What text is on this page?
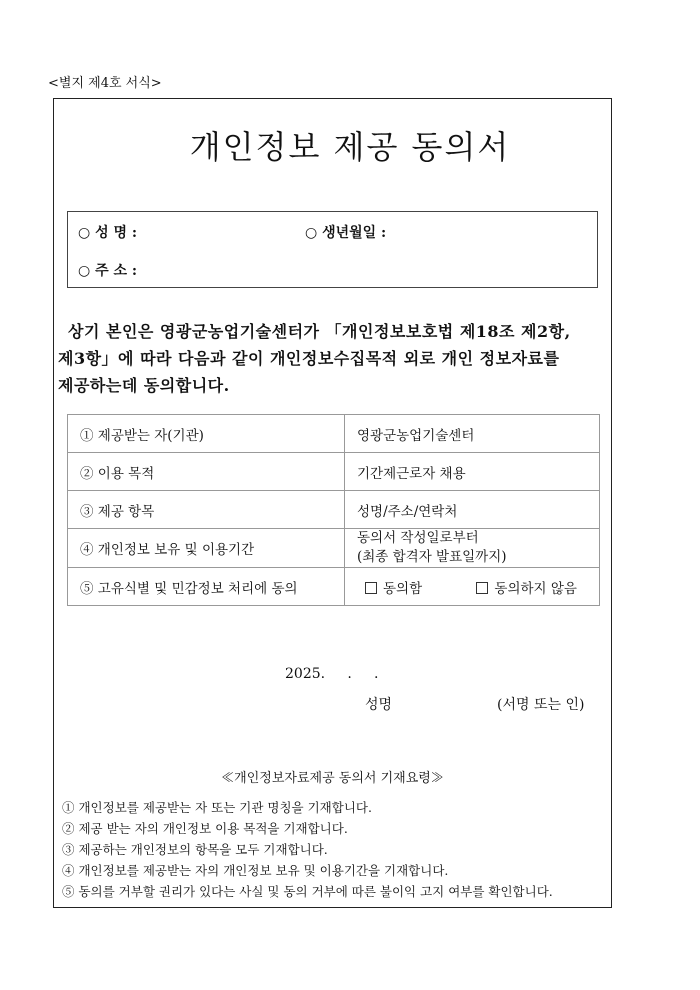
<별지 제4호 서식>
개인정보 제공 동의서
○ 성 명 :	○ 생년월일 :
○ 주 소 :
상기 본인은 영광군농업기술센터가 「개인정보보호법 제18조 제2항,
제3항」에 따라 다음과 같이 개인정보수집목적 외로 개인 정보자료를
제공하는데 동의합니다.
① 제공받는 자(기관)	영광군농업기술센터
② 이용 목적	기간제근로자 채용
③ 제공 항목	성명/주소/연락처
④ 개인정보 보유 및 이용기간	동의서 작성일로부터
(최종 합격자 발표일까지)

⑤ 고유식별 및 민감정보 처리에 동의	동의함 동의하지 않음
2025.     .     .
성명	(서명 또는 인)
≪개인정보자료제공 동의서 기재요령≫
① 개인정보를 제공받는 자 또는 기관 명칭을 기재합니다.
② 제공 받는 자의 개인정보 이용 목적을 기재합니다.
③ 제공하는 개인정보의 항목을 모두 기재합니다.
④ 개인정보를 제공받는 자의 개인정보 보유 및 이용기간을 기재합니다.
⑤ 동의를 거부할 권리가 있다는 사실 및 동의 거부에 따른 불이익 고지 여부를 확인합니다.
